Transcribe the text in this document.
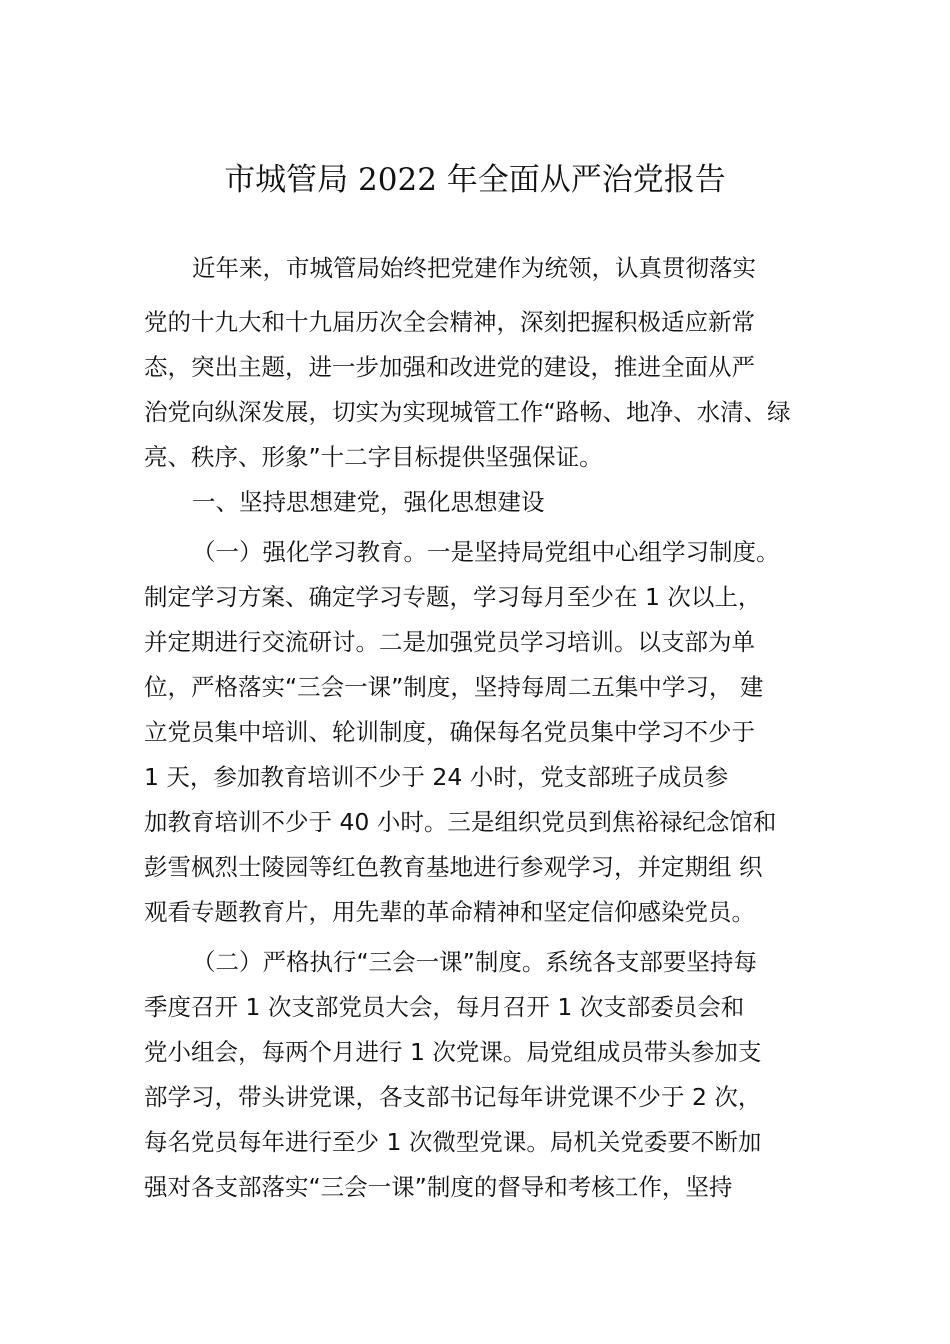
市城管局 2022 年全面从严治党报告
近年来，市城管局始终把党建作为统领，认真贯彻落实
党的十九大和十九届历次全会精神，深刻把握积极适应新常
态，突出主题，进一步加强和改进党的建设，推进全面从严
治党向纵深发展，切实为实现城管工作“路畅、地净、水清、绿
亮、秩序、形象”十二字目标提供坚强保证。
一、坚持思想建党，强化思想建设
（一）强化学习教育。一是坚持局党组中心组学习制度。
制定学习方案、确定学习专题，学习每月至少在 1 次以上，
并定期进行交流研讨。二是加强党员学习培训。以支部为单
位，严格落实“三会一课”制度，坚持每周二五集中学习， 建
立党员集中培训、轮训制度，确保每名党员集中学习不少于
1 天，参加教育培训不少于 24 小时，党支部班子成员参
加教育培训不少于 40 小时。三是组织党员到焦裕禄纪念馆和
彭雪枫烈士陵园等红色教育基地进行参观学习，并定期组 织
观看专题教育片，用先辈的革命精神和坚定信仰感染党员。
（二）严格执行“三会一课”制度。系统各支部要坚持每
季度召开 1 次支部党员大会，每月召开 1 次支部委员会和
党小组会，每两个月进行 1 次党课。局党组成员带头参加支
部学习，带头讲党课，各支部书记每年讲党课不少于 2 次，
每名党员每年进行至少 1 次微型党课。局机关党委要不断加
强对各支部落实“三会一课”制度的督导和考核工作，坚持
